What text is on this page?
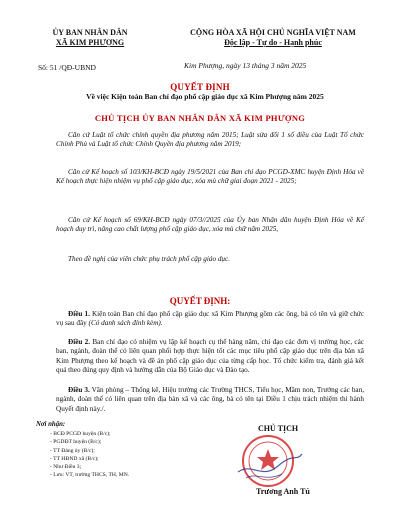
ỦY BAN NHÂN DÂN
XÃ KIM PHƯỢNG
Số: 51 /QĐ-UBND
CỘNG HÒA XÃ HỘI CHỦ NGHĨA VIỆT NAM
Độc lập - Tự do - Hạnh phúc
Kim Phượng, ngày 13 tháng 3 năm 2025
QUYẾT ĐỊNH
Về việc Kiện toàn Ban chỉ đạo phổ cập giáo dục xã Kim Phượng năm 2025
CHỦ TỊCH ỦY BAN NHÂN DÂN XÃ KIM PHƯỢNG
Căn cứ Luật tổ chức chính quyền địa phương năm 2015; Luật sửa đổi 1 số điều của Luật Tổ chức Chính Phủ và Luật tổ chức Chính Quyền địa phương năm 2019;
Căn cứ Kế hoạch số 103/KH-BCĐ ngày 19/5/2021 của Ban chỉ đạo PCGD-XMC huyện Định Hóa về Kế hoạch thực hiện nhiệm vụ phổ cập giáo dục, xóa mù chữ giai đoạn 2021 - 2025;
Căn cứ Kế hoạch số 69/KH-BCĐ ngày 07/3//2025 của Ủy ban Nhân dân huyện Định Hóa về Kế hoạch duy trì, nâng cao chất lượng phổ cập giáo dục, xóa mù chữ năm 2025,
Theo đề nghị của viên chức phụ trách phổ cập giáo dục.
QUYẾT ĐỊNH:
Điều 1. Kiện toàn Ban chỉ đạo phổ cập giáo dục xã Kim Phượng gồm các ông, bà có tên và giữ chức vụ sau đây (Có danh sách đính kèm).
Điều 2. Ban chỉ đạo có nhiệm vụ lập kế hoạch cụ thể hàng năm, chỉ đạo các đơn vị trường học, các ban, ngành, đoàn thể có liên quan phối hợp thực hiện tốt các mục tiêu phổ cập giáo dục trên địa bàn xã Kim Phượng theo kế hoạch và đề án phổ cập giáo dục của từng cấp học. Tổ chức kiểm tra, đánh giá kết quả theo đúng quy định và hướng dẫn của Bộ Giáo dục và Đào tạo.
Điều 3. Văn phòng – Thống kê, Hiệu trưởng các Trường THCS, Tiểu học, Mầm non, Trưởng các ban, ngành, đoàn thể có liên quan trên địa bàn xã và các ông, bà có tên tại Điều 1 chịu trách nhiệm thi hành Quyết định này./.
Nơi nhận:
- BCĐ PCGD huyện (B/c);
- PGDĐT huyện (B/c);
- TT Đảng ủy (B/c);
- TT HĐND xã (B/c);
- Như Điều 3;
- Lưu: VT, trường THCS, TH, MN.
CHỦ TỊCH
Trương Anh Tú
